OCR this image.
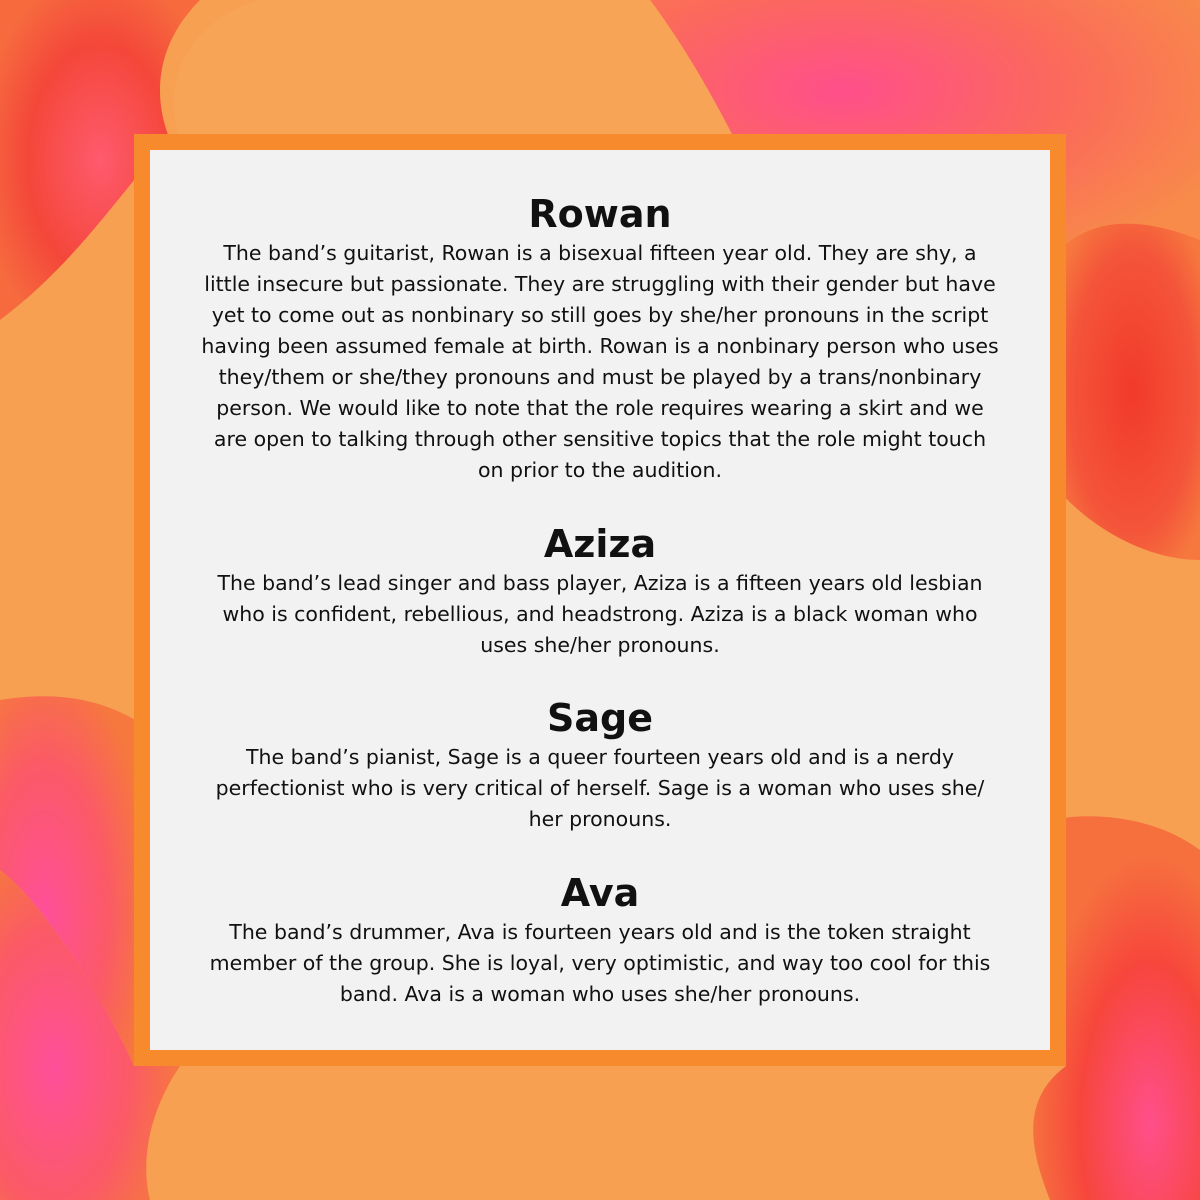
Rowan

The band’s guitarist, Rowan is a bisexual fifteen year old. They are shy, a little insecure but passionate. They are struggling with their gender but have yet to come out as nonbinary so still goes by she/her pronouns in the script having been assumed female at birth. Rowan is a nonbinary person who uses they/them or she/they pronouns and must be played by a trans/nonbinary person. We would like to note that the role requires wearing a skirt and we are open to talking through other sensitive topics that the role might touch on prior to the audition.

Aziza

The band’s lead singer and bass player, Aziza is a fifteen years old lesbian who is confident, rebellious, and headstrong. Aziza is a black woman who uses she/her pronouns.

Sage

The band’s pianist, Sage is a queer fourteen years old and is a nerdy perfectionist who is very critical of herself. Sage is a woman who uses she/ her pronouns.

Ava

The band’s drummer, Ava is fourteen years old and is the token straight member of the group. She is loyal, very optimistic, and way too cool for this band. Ava is a woman who uses she/her pronouns.
